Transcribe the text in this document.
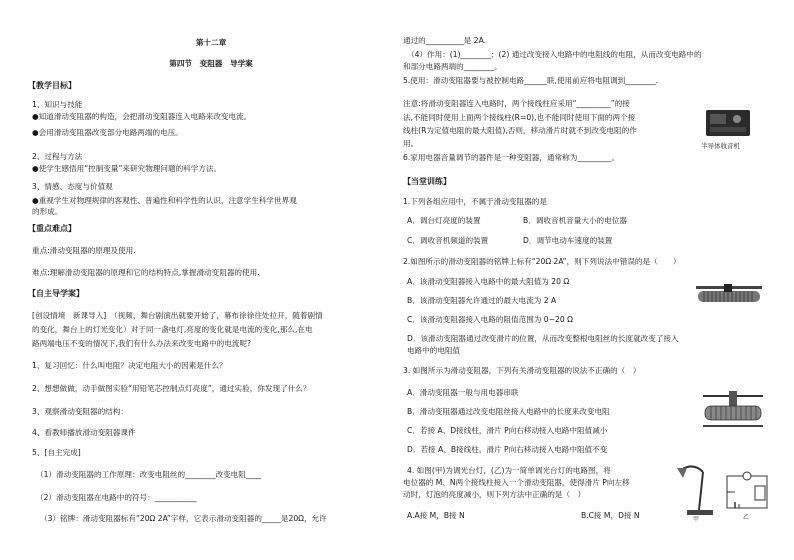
第十二章
第四节　变阻器　导学案
【教学目标】
1、知识与技能
●知道滑动变阻器的构造，会把滑动变阻器连入电路来改变电流。
●会用滑动变阻器改变部分电路两端的电压。
2、过程与方法
●使学生感悟用“控制变量”来研究物理问题的科学方法。
3、情感、态度与价值观
●重视学生对物理规律的客观性、普遍性和科学性的认识，注意学生科学世界观
的形成。
【重点难点】
重点:滑动变阻器的原理及使用.
难点:理解滑动变阻器的原理和它的结构特点,掌握滑动变阻器的使用.
【自主导学案】
[创设情境　新课导入]　（视频，舞台剧演出就要开始了，幕布徐徐往处拉开，随着剧情
的变化，舞台上的灯光变化）对于同一盏电灯,亮度的变化就是电流的变化,那么,在电
路两端电压不变的情况下,我们有什么办法来改变电路中的电流呢?
1、复习回忆：什么叫电阻？决定电阻大小的因素是什么？
2、想想做做，动手做图实验“用铅笔芯控制点灯亮度”，通过实验，你发现了什么？
3、观察滑动变阻器的结构：
4、看教师播放滑动变阻器课件
5、[自主完成]
（1）滑动变阻器的工作原理：改变电阻丝的________改变电阻____
（2）滑动变阻器在电路中的符号：___________
（3）铭牌：滑动变阻器标有“20Ω 2A”字样，它表示滑动变阻器的_____是20Ω，允许
通过的__________是 2A.
（4）作用：(1)________；(2) 通过改变接入电路中的电阻线的电阻，从而改变电路中的
和部分电路两端的________。
5.使用：滑动变阻器要与被控制电路______联,使用前应将电阻调到________.
注意:将滑动变阻器连入电路时，两个接线柱应采用“_________”的接
法,不能同时使用上面两个接线柱(R=0),也不能同时使用下面的两个接
线柱(R为定值电阻的最大阻值),否则，移动滑片时就不到改变电阻的作
用。	半导体收音机
6.家用电器音量调节的器件是一种变阻器，通常称为_________。
【当堂训练】
1.下列各组应用中，不属于滑动变阻器的是
A．调台灯亮度的装置	B．调收音机音量大小的电位器
C．调收音机频道的装置	D．调节电动车速度的装置
2.如图所示的滑动变阻器的铭牌上标有“20Ω 2A”，则下列说法中错误的是（　　）
A．该滑动变阻器接入电路中的最大阻值为 20 Ω
B．该滑动变阻器允许通过的最大电流为 2 A
C．该滑动变阻器接入电路的阻值范围为 0~20 Ω
D．该滑动变阻器通过改变滑片的位置，从而改变整根电阻丝的长度就改变了接入
电路中的电阻值
3. 如图所示为滑动变阻器，下列有关滑动变阻器的说法不正确的（　）
A．滑动变阻器一般与用电器串联
B．滑动变阻器通过改变电阻丝接入电路中的长度来改变电阻
C．若接 A、D接线柱，滑片 P向右移动接入电路中阻值减小
D．若接 A、B接线柱，滑片 P向右移动接入电路中阻值不变
4. 如图(甲)为调光台灯，(乙)为一简单调光台灯的电路图，将
电位器的 M、N两个接线柱接入一个滑动变阻器，使得滑片 P向左移
动时，灯泡的亮度减小，则下列方法中正确的是（　）
A.A接 M，B接 N	B.C接 M，D接 N	甲	乙
